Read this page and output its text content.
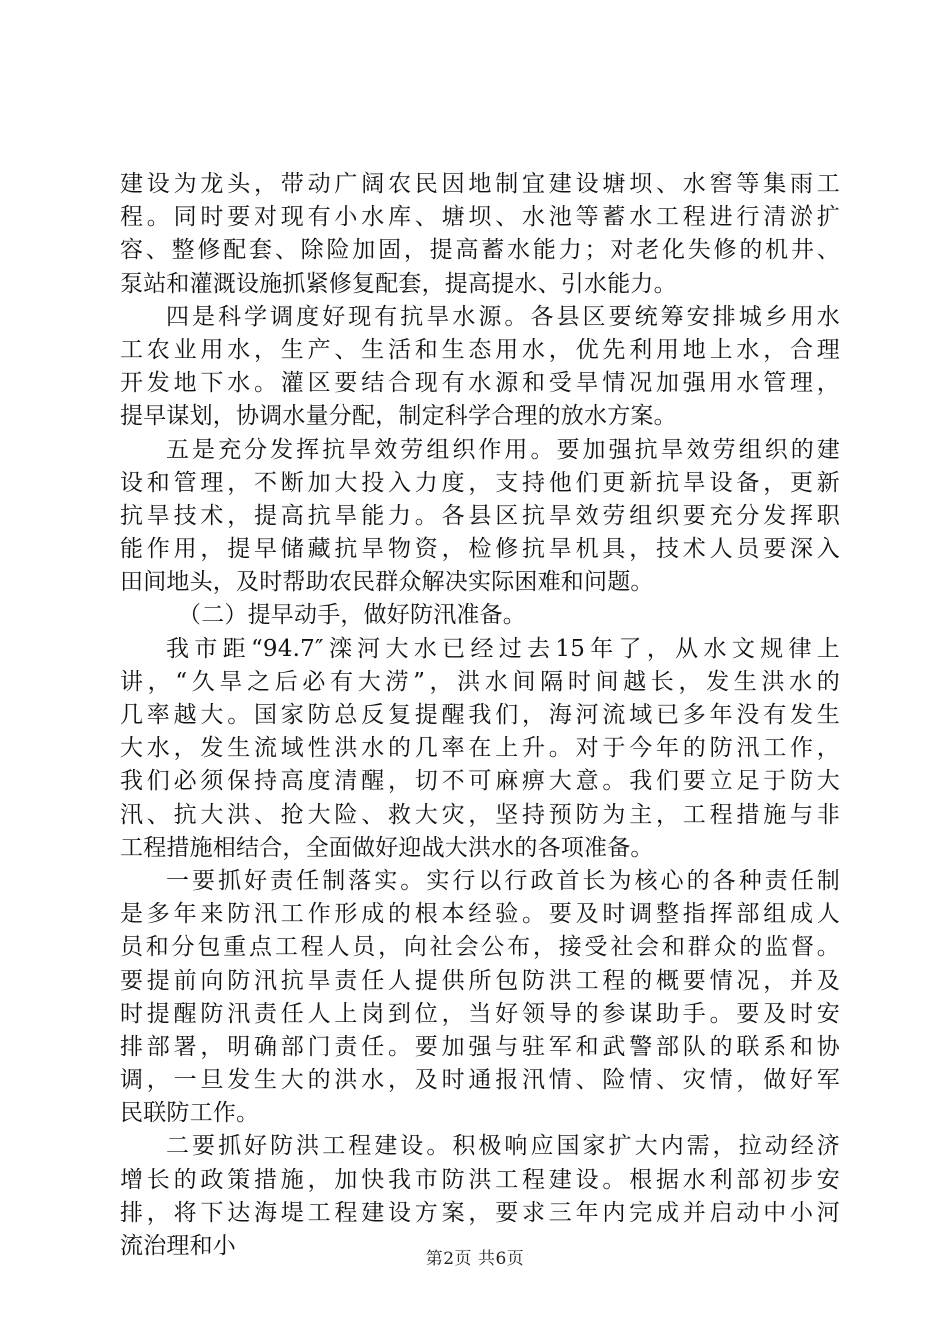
建设为龙头，带动广阔农民因地制宜建设塘坝、水窖等集雨工
程。同时要对现有小水库、塘坝、水池等蓄水工程进行清淤扩
容、整修配套、除险加固，提高蓄水能力；对老化失修的机井、
泵站和灌溉设施抓紧修复配套，提高提水、引水能力。
四是科学调度好现有抗旱水源。各县区要统筹安排城乡用水
工农业用水，生产、生活和生态用水，优先利用地上水，合理
开发地下水。灌区要结合现有水源和受旱情况加强用水管理，
提早谋划，协调水量分配，制定科学合理的放水方案。
五是充分发挥抗旱效劳组织作用。要加强抗旱效劳组织的建
设和管理，不断加大投入力度，支持他们更新抗旱设备，更新
抗旱技术，提高抗旱能力。各县区抗旱效劳组织要充分发挥职
能作用，提早储藏抗旱物资，检修抗旱机具，技术人员要深入
田间地头，及时帮助农民群众解决实际困难和问题。
（二）提早动手，做好防汛准备。
我市距“94.7″滦河大水已经过去15年了，从水文规律上
讲，“久旱之后必有大涝”，洪水间隔时间越长，发生洪水的
几率越大。国家防总反复提醒我们，海河流域已多年没有发生
大水，发生流域性洪水的几率在上升。对于今年的防汛工作，
我们必须保持高度清醒，切不可麻痹大意。我们要立足于防大
汛、抗大洪、抢大险、救大灾，坚持预防为主，工程措施与非
工程措施相结合，全面做好迎战大洪水的各项准备。
一要抓好责任制落实。实行以行政首长为核心的各种责任制
是多年来防汛工作形成的根本经验。要及时调整指挥部组成人
员和分包重点工程人员，向社会公布，接受社会和群众的监督。
要提前向防汛抗旱责任人提供所包防洪工程的概要情况，并及
时提醒防汛责任人上岗到位，当好领导的参谋助手。要及时安
排部署，明确部门责任。要加强与驻军和武警部队的联系和协
调，一旦发生大的洪水，及时通报汛情、险情、灾情，做好军
民联防工作。
二要抓好防洪工程建设。积极响应国家扩大内需，拉动经济
增长的政策措施，加快我市防洪工程建设。根据水利部初步安
排，将下达海堤工程建设方案，要求三年内完成并启动中小河
流治理和小	第2页 共6页
